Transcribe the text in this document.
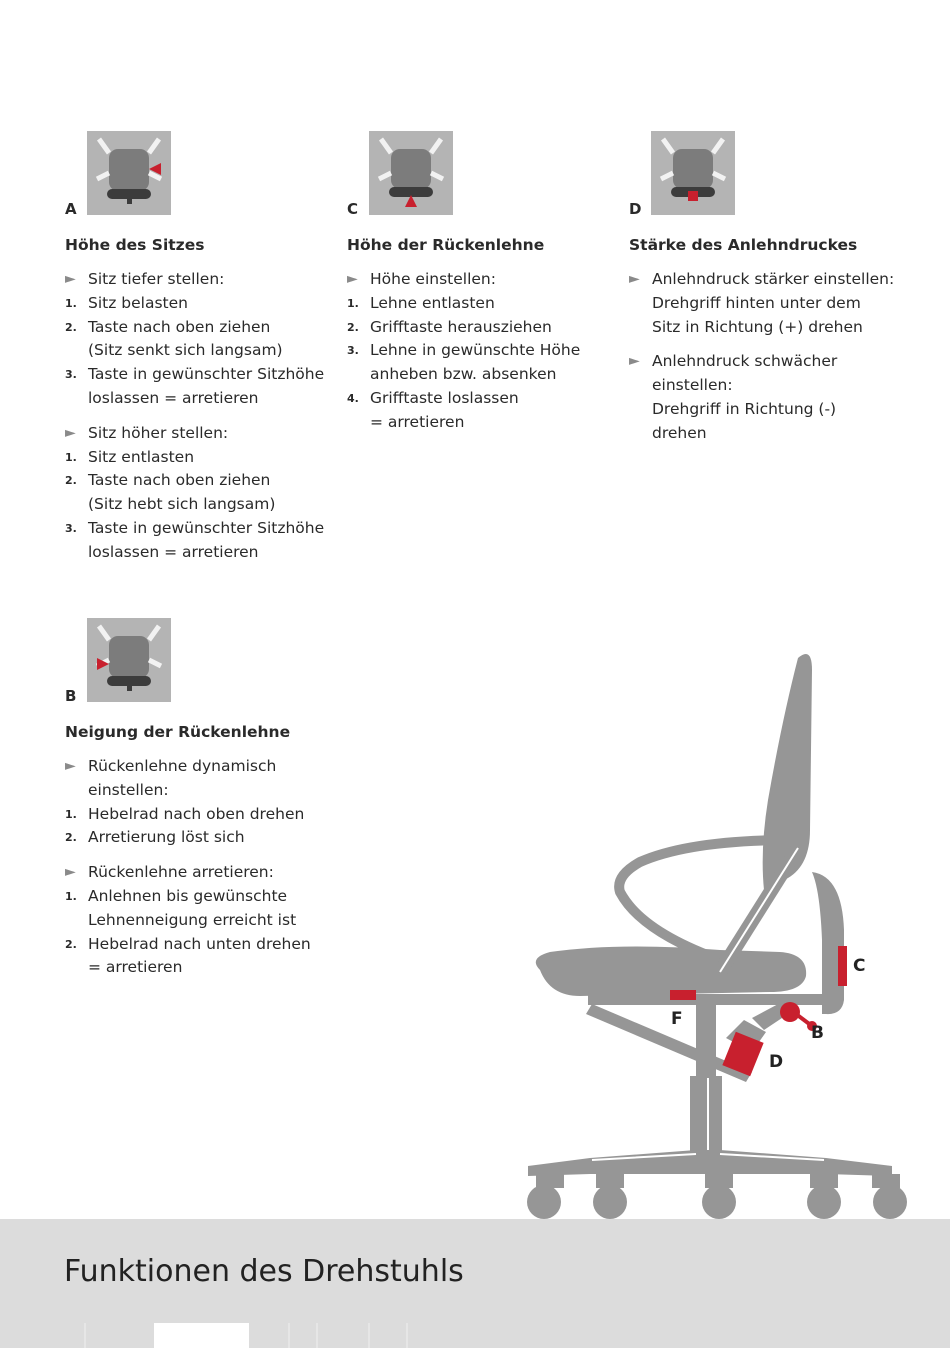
A
Höhe des Sitzes
► Sitz tiefer stellen:
1. Sitz belasten
2. Taste nach oben ziehen
(Sitz senkt sich langsam)
3. Taste in gewünschter Sitzhöhe
loslassen = arretieren
► Sitz höher stellen:
1. Sitz entlasten
2. Taste nach oben ziehen
(Sitz hebt sich langsam)
3. Taste in gewünschter Sitzhöhe
loslassen = arretieren
C
Höhe der Rückenlehne
► Höhe einstellen:
1. Lehne entlasten
2. Grifftaste herausziehen
3. Lehne in gewünschte Höhe
anheben bzw. absenken
4. Grifftaste loslassen
= arretieren
D
Stärke des Anlehndruckes
► Anlehndruck stärker einstellen:
Drehgriff hinten unter dem
Sitz in Richtung (+) drehen
► Anlehndruck schwächer
einstellen:
Drehgriff in Richtung (-)
drehen
B
Neigung der Rückenlehne
► Rückenlehne dynamisch
einstellen:
1. Hebelrad nach oben drehen
2. Arretierung löst sich
► Rückenlehne arretieren:
1. Anlehnen bis gewünschte
Lehnenneigung erreicht ist
2. Hebelrad nach unten drehen
= arretieren	C
F
B
D
Funktionen des Drehstuhls
